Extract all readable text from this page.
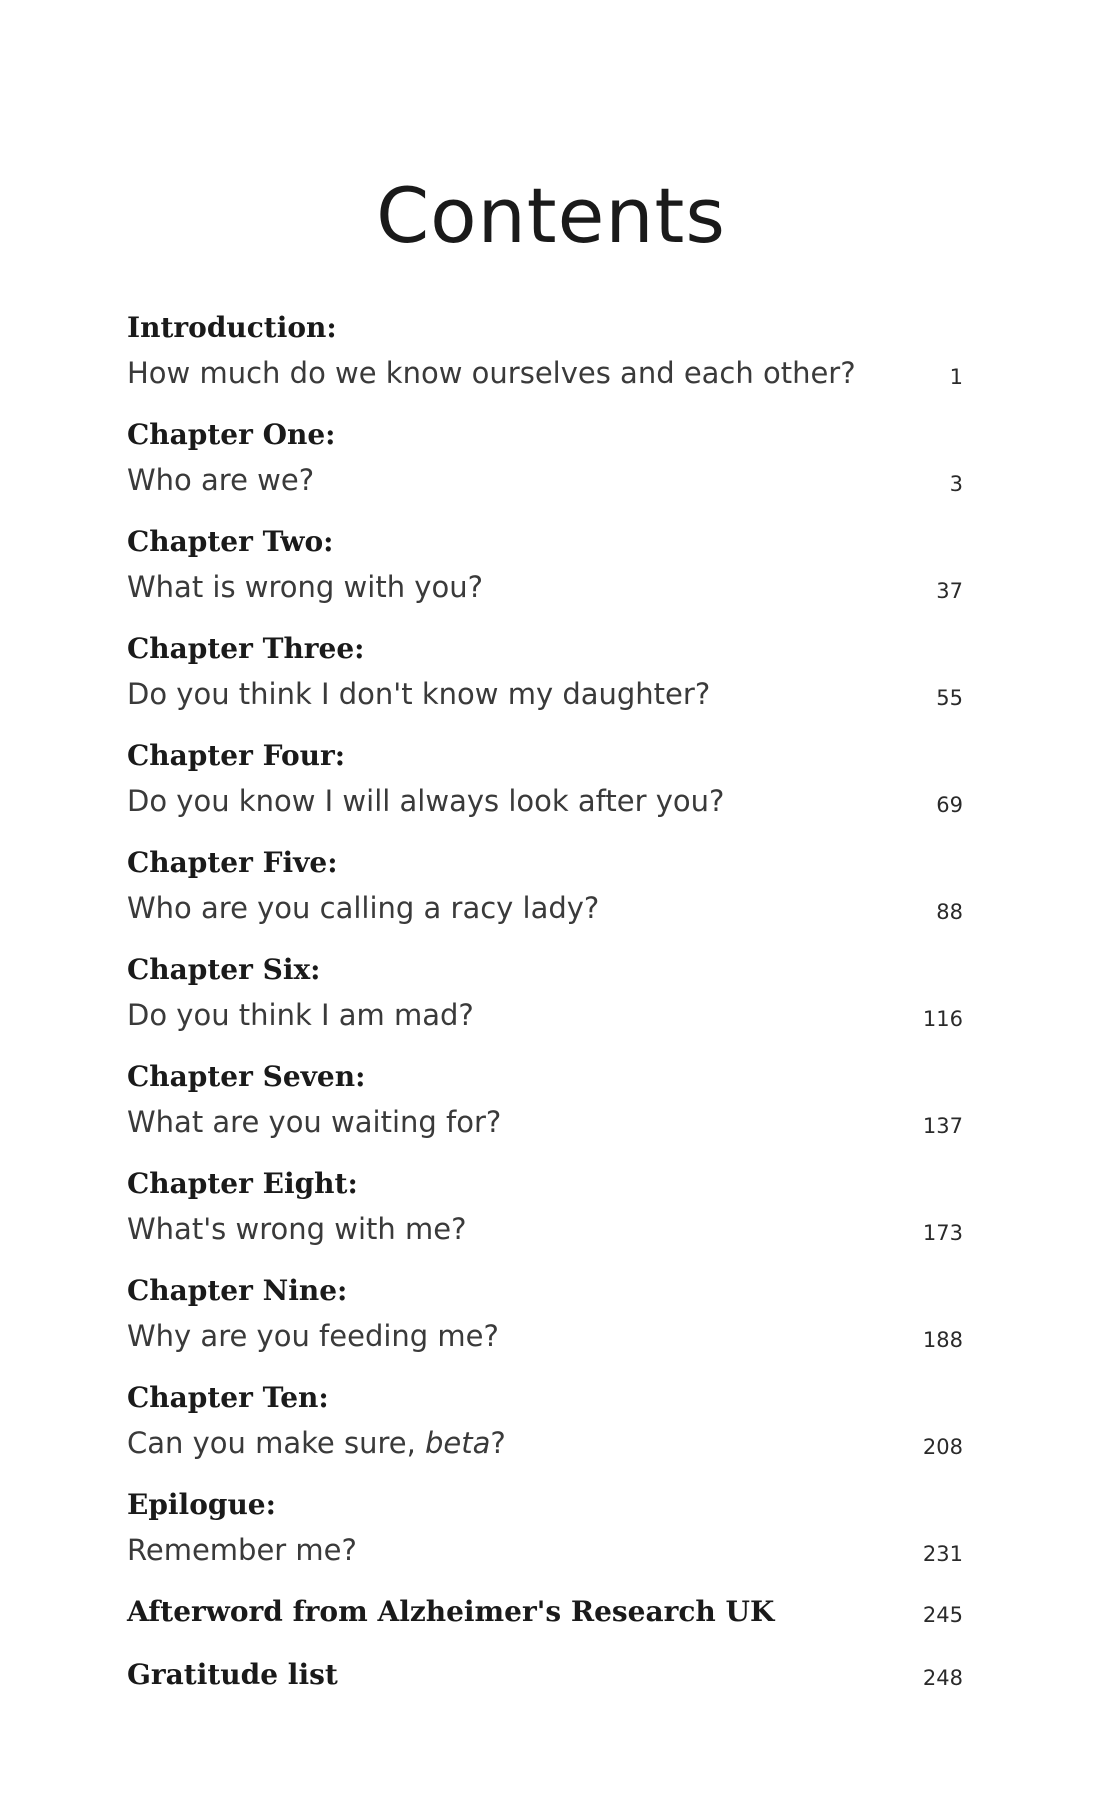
Contents
Introduction:
How much do we know ourselves and each other?	1
Chapter One:
Who are we?	3
Chapter Two:
What is wrong with you?	37
Chapter Three:
Do you think I don't know my daughter?	55
Chapter Four:
Do you know I will always look after you?	69
Chapter Five:
Who are you calling a racy lady?	88
Chapter Six:
Do you think I am mad?	116
Chapter Seven:
What are you waiting for?	137
Chapter Eight:
What's wrong with me?	173
Chapter Nine:
Why are you feeding me?	188
Chapter Ten:
Can you make sure, beta?	208
Epilogue:
Remember me?	231
Afterword from Alzheimer's Research UK	245
Gratitude list	248
